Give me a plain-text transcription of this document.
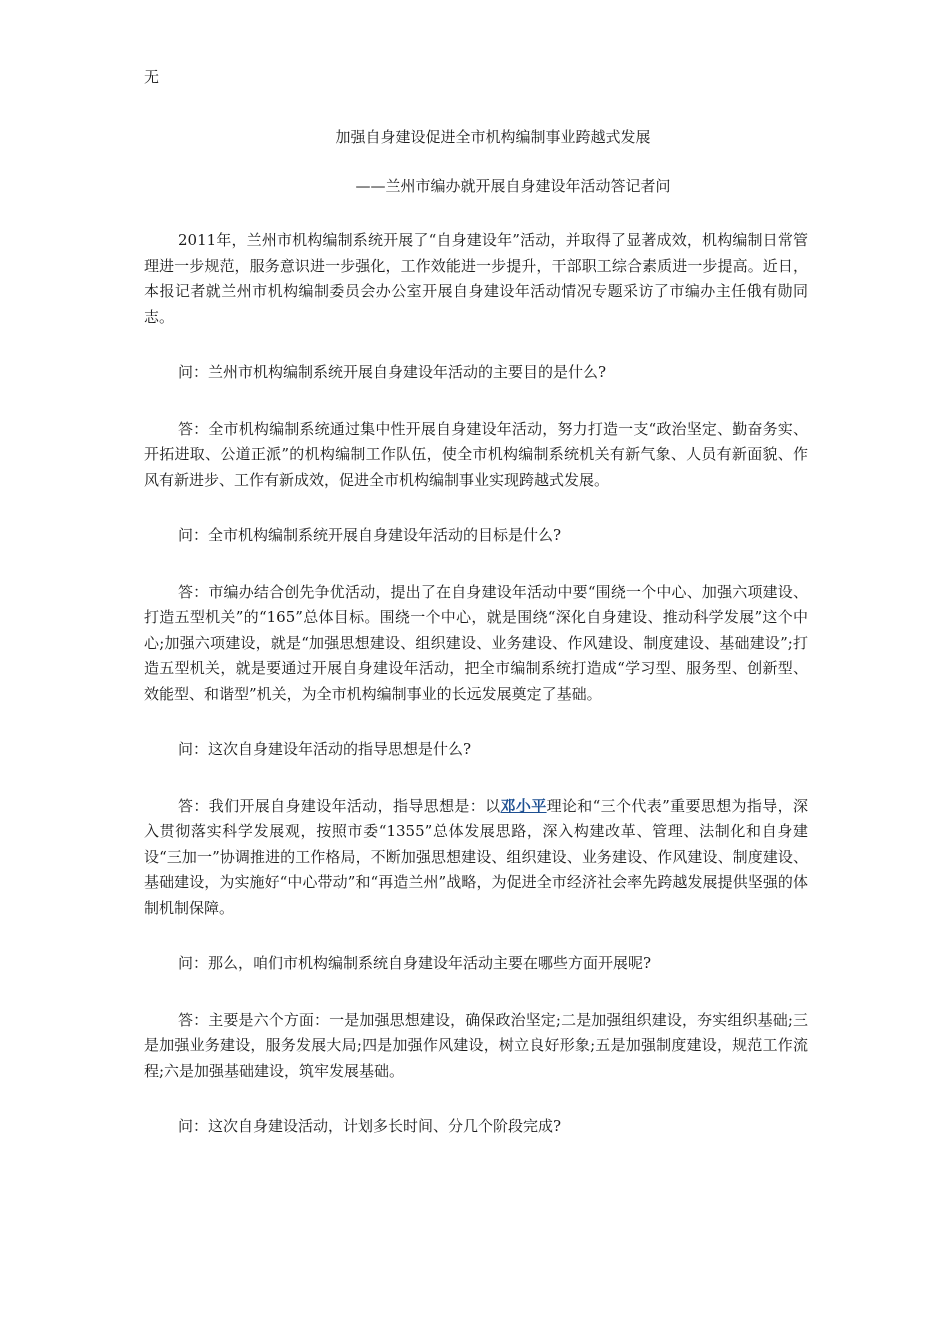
无
加强自身建设促进全市机构编制事业跨越式发展
——兰州市编办就开展自身建设年活动答记者问

2011年，兰州市机构编制系统开展了“自身建设年”活动，并取得了显著成效，机构编制日常管理进一步规范，服务意识进一步强化，工作效能进一步提升，干部职工综合素质进一步提高。近日，本报记者就兰州市机构编制委员会办公室开展自身建设年活动情况专题采访了市编办主任俄有勋同志。

问：兰州市机构编制系统开展自身建设年活动的主要目的是什么?

答：全市机构编制系统通过集中性开展自身建设年活动，努力打造一支“政治坚定、勤奋务实、开拓进取、公道正派”的机构编制工作队伍，使全市机构编制系统机关有新气象、人员有新面貌、作风有新进步、工作有新成效，促进全市机构编制事业实现跨越式发展。

问：全市机构编制系统开展自身建设年活动的目标是什么?

答：市编办结合创先争优活动，提出了在自身建设年活动中要“围绕一个中心、加强六项建设、打造五型机关”的“165”总体目标。围绕一个中心，就是围绕“深化自身建设、推动科学发展”这个中心;加强六项建设，就是“加强思想建设、组织建设、业务建设、作风建设、制度建设、基础建设”;打造五型机关，就是要通过开展自身建设年活动，把全市编制系统打造成“学习型、服务型、创新型、效能型、和谐型”机关，为全市机构编制事业的长远发展奠定了基础。

问：这次自身建设年活动的指导思想是什么?

答：我们开展自身建设年活动，指导思想是：以邓小平理论和“三个代表”重要思想为指导，深入贯彻落实科学发展观，按照市委“1355”总体发展思路，深入构建改革、管理、法制化和自身建设“三加一”协调推进的工作格局，不断加强思想建设、组织建设、业务建设、作风建设、制度建设、基础建设，为实施好“中心带动”和“再造兰州”战略，为促进全市经济社会率先跨越发展提供坚强的体制机制保障。

问：那么，咱们市机构编制系统自身建设年活动主要在哪些方面开展呢?

答：主要是六个方面：一是加强思想建设，确保政治坚定;二是加强组织建设，夯实组织基础;三是加强业务建设，服务发展大局;四是加强作风建设，树立良好形象;五是加强制度建设，规范工作流程;六是加强基础建设，筑牢发展基础。

问：这次自身建设活动，计划多长时间、分几个阶段完成?
